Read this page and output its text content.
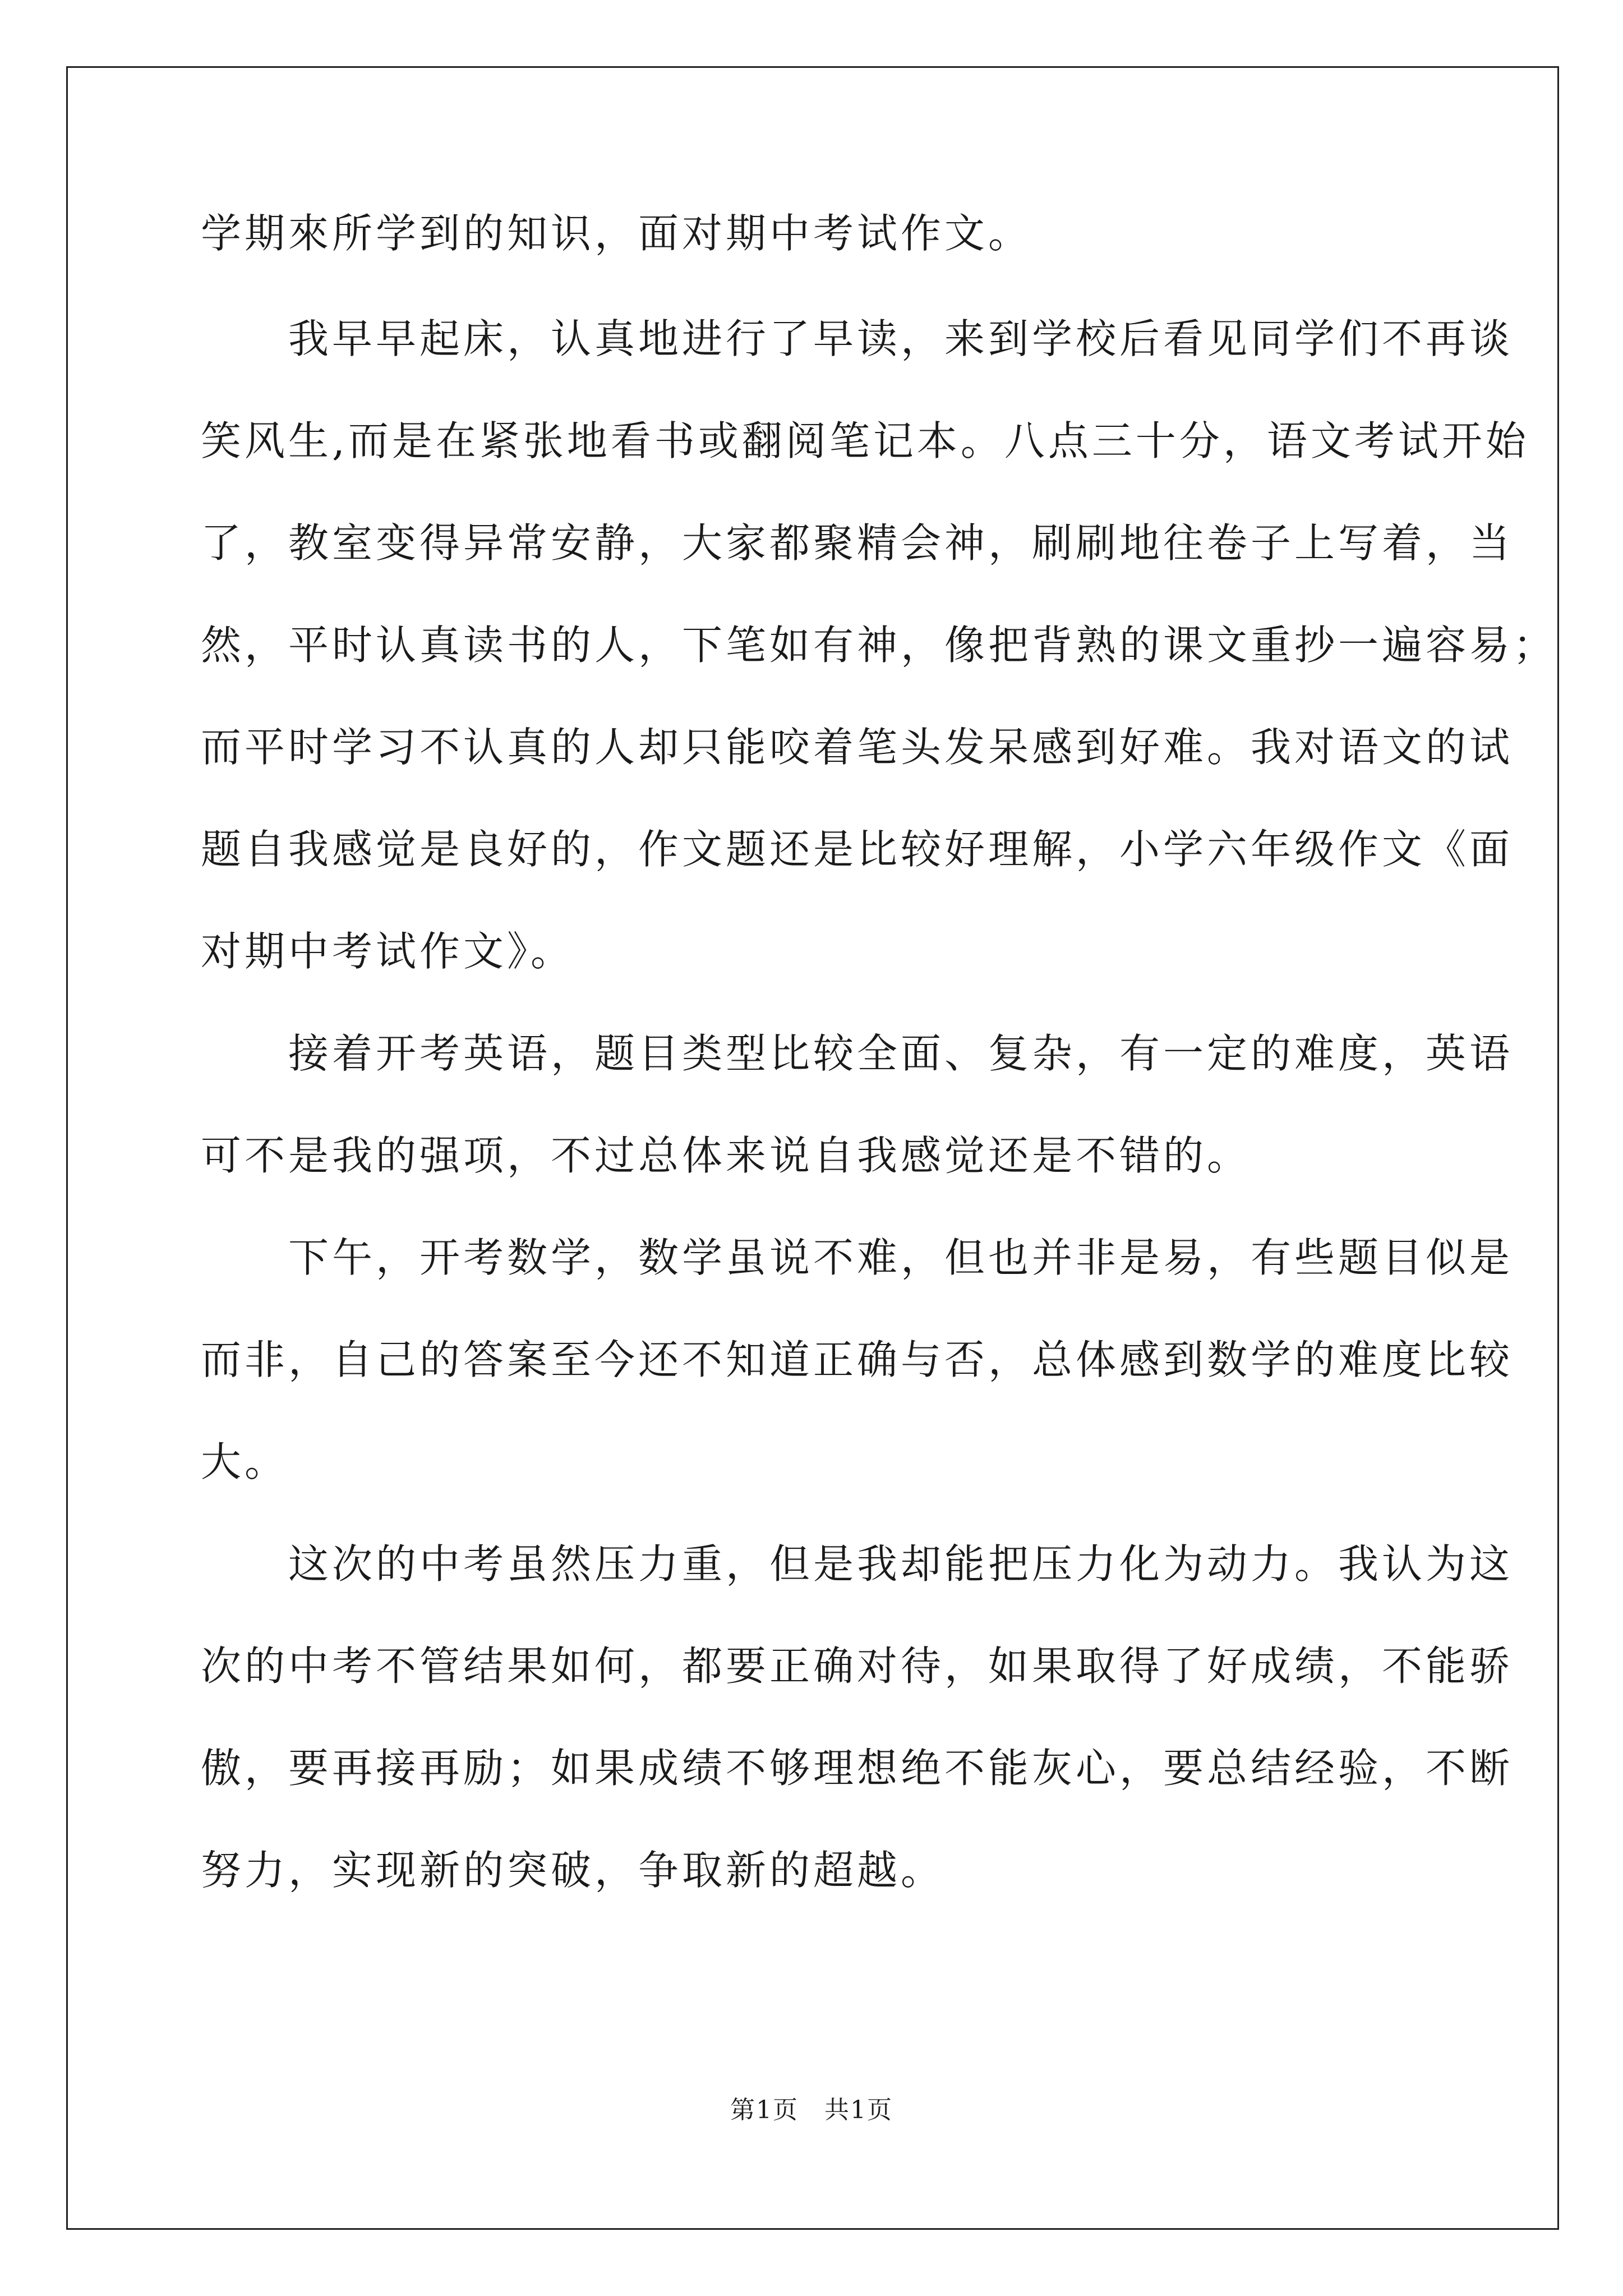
学期來所学到的知识，面对期中考试作文。
　　我早早起床，认真地进行了早读，来到学校后看见同学们不再谈
笑风生,而是在紧张地看书或翻阅笔记本。八点三十分，语文考试开始
了，教室变得异常安静，大家都聚精会神，刷刷地往卷子上写着，当
然，平时认真读书的人，下笔如有神，像把背熟的课文重抄一遍容易；
而平时学习不认真的人却只能咬着笔头发呆感到好难。我对语文的试
题自我感觉是良好的，作文题还是比较好理解，小学六年级作文《面
对期中考试作文》。
　　接着开考英语，题目类型比较全面、复杂，有一定的难度，英语
可不是我的强项，不过总体来说自我感觉还是不错的。
　　下午，开考数学，数学虽说不难，但也并非是易，有些题目似是
而非，自己的答案至今还不知道正确与否，总体感到数学的难度比较
大。
　　这次的中考虽然压力重，但是我却能把压力化为动力。我认为这
次的中考不管结果如何，都要正确对待，如果取得了好成绩，不能骄
傲，要再接再励；如果成绩不够理想绝不能灰心，要总结经验，不断
努力，实现新的突破，争取新的超越。
第1页　共1页
